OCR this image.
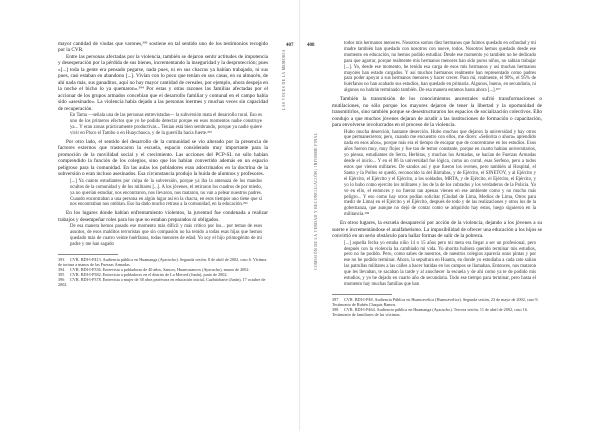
mayor cantidad de viudas que varones,³⁹³ sostiene en tal sentido uno de los testimonios recogido por la CVR.

Entre las personas afectadas por la violencia, también se dejaron sentir actitudes de impotencia y desesperación por la pérdida de sus bienes, incrementando la inseguridad y la desprotección; pues «[...] toda la gente era pensado pegarse, nada pues, ni en sus chacras ya habían trabajado, ni sus pues, casi estaban en abandono [...]. Vivían con lo poco que tenían en sus casas, en su almacén, de ahí nada más, sus ganaditos, aquí no hay mayor cantidad de cereales, por ejemplo, ahora despeja en la noche el bicho lo ya quemaron».³⁹⁴ Por estas y otras razones las familias afectadas por el accionar de los grupos armados concebían que el desarrollo familiar y comunal en el campo había sido «asesinado». La violencia había dejado a las personas inermes y muchas veces sin capacidad de recuperación.

En Tama —señala una de las personas entrevistadas— la subversión mata el desarrollo rural. Eso es uno de los primeros efectos que yo he podido detectar porque en esos momentos nadie construye ya... Y eran zonas prácticamente productivas... Tenían está bien sembrando, porque ya nadie quiere vivir en Pisco el Tambo o en Huaychaoca, y de la guerrilla hacía fuerte.³⁹⁵

Por otro lado, el sentido del desarrollo de la comunidad se vio alterado por la presencia de factores externos que trastocaron la escuela, espacio considerado muy importante para la promoción de la movilidad social y el crecimiento. Las acciones del PCP-SL no sólo habían comprendido la función de los colegios, sino que los habían convertido además en un espacio peligroso para la comunidad. En las aulas los pobladores eran adoctrinados en la doctrina de la subversión o eran incluso asesinados. Esa circunstancia produjo la huida de alumnos y profesores.

[...] Ya cuánto estudiantes por culpa de la subversión, porque ya iba la amenaza de los mandos ocultos de la comunidad y de los militares [...]. A los jóvenes, el retiraron los cuadros de por miedo, ya no querían estudiar, nos encontraron, nos llevaron, nos mataron, no van a pelear nuestros padres. Cuando encontraban a una persona en algún lugar así en la chacra, en esos tiempos uno tiene que si nos encontraban nos ombian. Eso ha dado mucho retraso a la comunidad, en la educación.³⁹⁶

En los lugares donde habían enfrentamiento violentos, la juventud fue condenada a realizar trabajos y desempeñar roles para los que no estaban preparados ni obligados.

De esa manera hemos pasado ese momento más difícil y más crítico por los... por temas de esos asuntos, de esos malditos terroristas que sin compasión no ha tenido a todas esas hijas que hemos quedado más de cuatro veinte huérfanos, todas menores de edad. Yo soy el hijo primogénito de mi padre y me han sagado

393 CVR. BDI-I-P413. Audiencia pública en Huamanga (Ayacucho). Segunda sesión, 8 de abril de 2002, caso 6. Víctima de tortura a manos de las Fuerzas Armadas.

394 CVR. BDI-I-P336. Entrevista a pobladoras de 40 años, Sancos, Huancasancos (Ayacucho), marzo de 2002.

395 CVR. BDI-I-P382. Entrevista a pobladores en el distrito de La Merced (Junín), junio de 2002.

396 CVR. BDI-I-P378. Entrevista a mujer de 38 años profesora en educación inicial, Cuzhitobarte (Junín), 17 octubre de 2002.

407
LAS VOCES DE LA MEMORIA
todos mis hermanos menores. Nosotros somos diez hermanos que fuimos quedado en orfandad y mi madre también han quedado con nosotros con nueve, todos. Nosotros hemos quedado desde ese momento en educación, no hemos podido estudiar. Desde ese momento yo también no he dedicado para que agarrar, porque realmente mis hermanos menores han sido puros niños, no sabían trabajar [...]. Yo, desde ese momento, he tenido esa carga de esos mis hermanos y así muchas hermanos mayores han estado cargados. Y así muchos hermanos realmente han representado como padres para poder apoyar a sus hermanos menores y hacer crecer. Para mí, realmente, el 90%, el 95% de huérfanos no han acabado sus estudios, han quedado en primaria. Algunos, bueno, en secundaria, ni algunos no habrán terminado también. De esa manera estamos hasta ahora [...].³⁹⁷

También la transmisión de los conocimientos ancestrales sufrió transformaciones o mutilaciones, no sólo porque los mayores dejaron de tener la libertad y la oportunidad de transmitirlos, sino también porque se desestructuraron los espacios de socialización colectivos. Ello condujo a que muchos jóvenes dejaran de acudir a las instituciones de formación o capacitación, para envolverse involucrados en el proceso de la violencia.

Hubo mucha deserción, bastante deserción. Hubo muchos que dejaron la universidad y hay otros que permanecieron; pero, cuando me encuentro con ellos, me dicen: «Señorita o ahora» aprendido nada en esos años», porque más era el tiempo de escapar que de concentrarse en los estudios. Esos años fueron muy, muy flojos y fue tan de temor constante, porque en cuarto habían universitarios, yo pienso, estudiantes de Serra, Herbitas, y muchas los Armadas, se hacían de Fuerzas Armadas desde el inicio... Y en el 86 la universidad fue lógica, como un corral, esas Serfeno, pero a todos estos que vienen militares. De sandos así y que fueron los ovenes, pero también al Hospital, el Santo y la Pollos se quedó, reconocido la del Bárrabas, y de Ejército, el SINETOY, y al Ejército y el Ejército, el Ejército y el Ejército, a los soldados, MRTA, y de Ejército, el Ejército, el Ejército, y yo lo hubo como ejercito los militares y los de la de los cubrados y los verdaderos de la Policía. Yo ve en ello, el entonces y no fueron tan apenas vienen en ese ambiente como y no mucho más peligro... Y eso como hay otros podían solicitar (Ciudad de Lima, Medios de Lima, Otros para medir de Lima) en el Ejército y el Ejército, después de todo y de las realizaciones y otros los de la gobernanza, que aunque no dejó de contar como se adquirido hay estos, luego siguieron en la militancia.³⁹⁸

En otros lugares, la escuela desapareció por acción de la violencia, dejando a los jóvenes a su suerte e incrementándose el analfabetismo. La imposibilidad de ofrecer una educación a los hijos se convirtió en un serio obstáculo para hallar formas de salir de la pobreza.

[...] aquella fecha yo estaba niño 14 o 15 años pero mi meta era llegar a ser un profesional, pero después con la violencia ha cambiado mi vida. Yo ahorita hubiera querido terminar mis estudios, pero no he podido. Pero, como sabes de nuestros, de nuestros colegios aparecía unos pintas y por ese no he podido terminar. Ahora, la sepultura en Huanta, en donde yo estudiaba a cada rato salían las patrullas militares a las calles a hacer batidas en los campos se llamaban. Entonces, nos mataron que les llevaban, te sacaban la tarde y al anochecer la escuela y de ahí como ya te de podido mis estudios, y yo he dejado en cuarto año de secundaria. Todo ese tiempo para terminar, pero hasta el momento hay muchas familias que han

397 CVR. BDI-I-P48. Audiencia Pública en Huancavelica (Huancavelica). Segunda sesión, 23 de mayo de 2002, caso 9. Testimonio de Rubén Chaquis Ramos.

398 CVR. BDI-I-P464. Audiencia pública en Huamanga (Ayacucho). Tercera sesión, 11 de abril de 2002, caso 16. Testimonio de familiares de las víctimas.

408
COMISIÓN DE LA VERDAD Y RECONCILIACIÓN | INFORME FINAL
